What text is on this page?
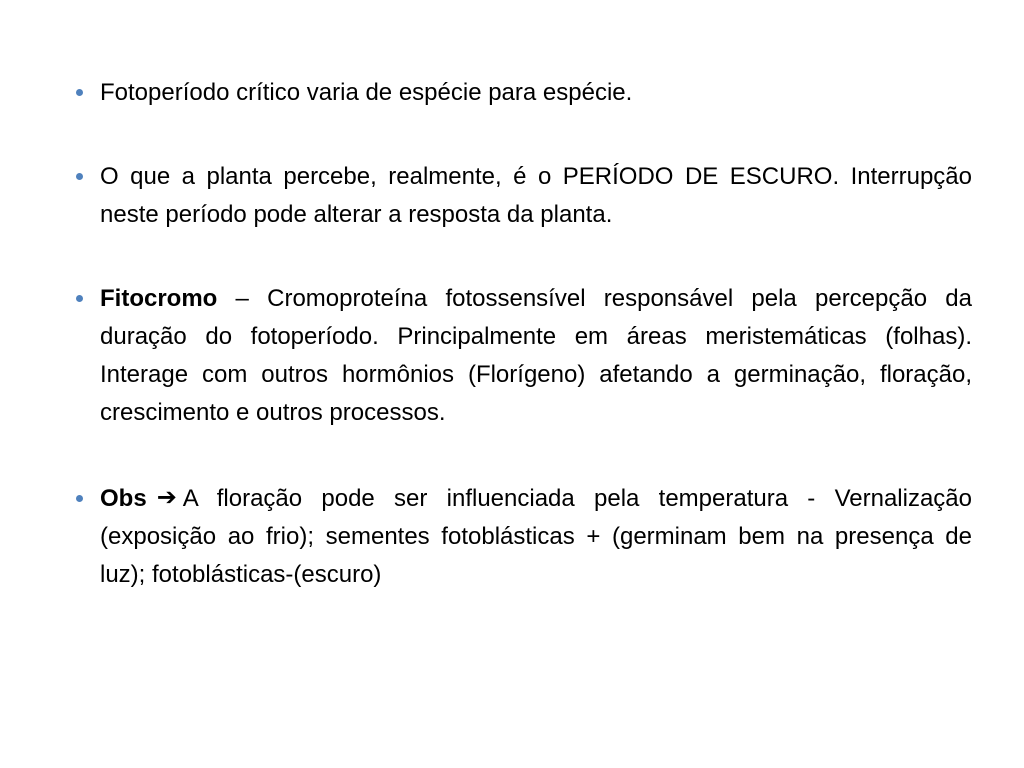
Fotoperíodo crítico varia de espécie para espécie.
O que a planta percebe, realmente, é o PERÍODO DE ESCURO. Interrupção neste período pode alterar a resposta da planta.
Fitocromo – Cromoproteína fotossensível responsável pela percepção da duração do fotoperíodo. Principalmente em áreas meristemáticas (folhas). Interage com outros hormônios (Florígeno) afetando a germinação, floração, crescimento e outros processos.
Obs ➔ A floração pode ser influenciada pela temperatura - Vernalização (exposição ao frio); sementes fotoblásticas + (germinam bem na presença de luz); fotoblásticas-(escuro)
